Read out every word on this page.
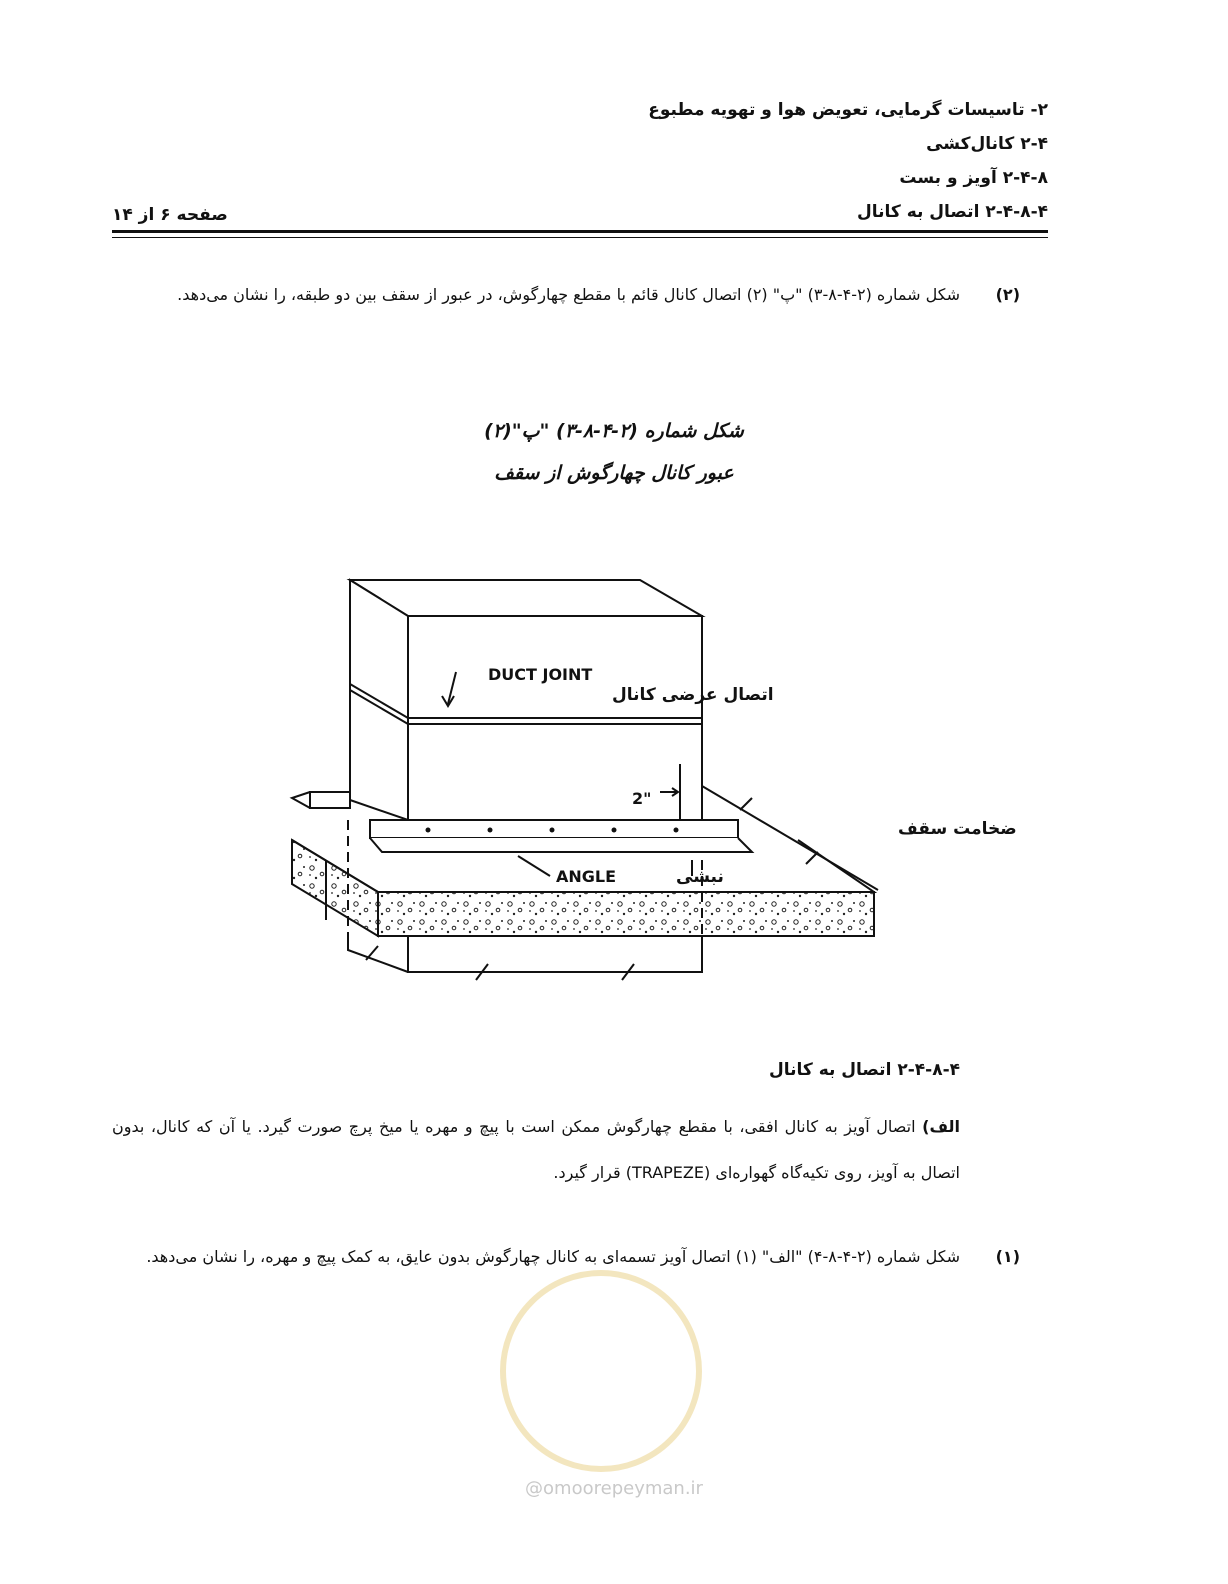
۲- تاسیسات گرمایی، تعویض هوا و تهویه مطبوع
۲-۴ کانال‌کشی
۲-۴-۸ آویز و بست
۲-۴-۸-۴ اتصال به کانال
صفحه ۶ از ۱۴
(۲)
شکل شماره (۲-۴-۸-۳) "پ" (۲) اتصال کانال قائم با مقطع چهارگوش، در عبور از سقف بین دو طبقه، را نشان می‌دهد.
شکل شماره (۲-۴-۸-۳) "پ"(۲)
عبور کانال چهارگوش از سقف
DUCT JOINT
اتصال عرضی کانال
2"
ضخامت سقف
ANGLE	نبشی
۲-۴-۸-۴ اتصال به کانال
الف) اتصال آویز به کانال افقی، با مقطع چهارگوش ممکن است با پیچ و مهره یا میخ پرچ صورت گیرد. یا آن که کانال، بدون اتصال به آویز، روی تکیه‌گاه گهواره‌ای (TRAPEZE) قرار گیرد.
(۱)
شکل شماره (۲-۴-۸-۴) "الف" (۱) اتصال آویز تسمه‌ای به کانال چهارگوش بدون عایق، به کمک پیچ و مهره، را نشان می‌دهد.
@omoorepeyman.ir
